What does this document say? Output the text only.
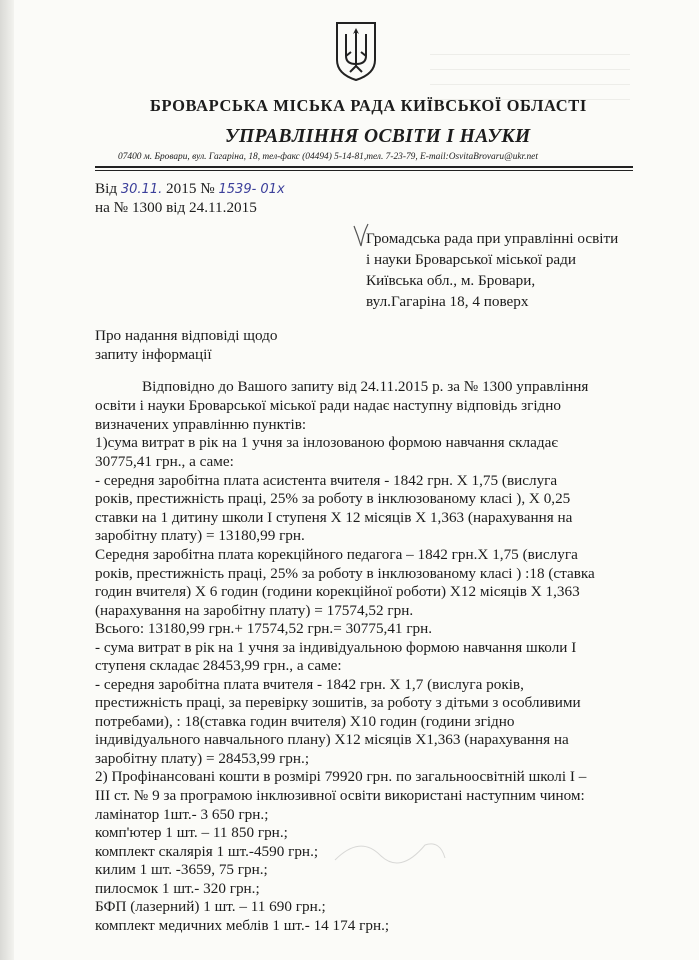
БРОВАРСЬКА МІСЬКА РАДА КИЇВСЬКОЇ ОБЛАСТІ
УПРАВЛІННЯ ОСВІТИ І НАУКИ
07400 м. Бровари, вул. Гагаріна, 18, тел-факс (04494) 5-14-81,тел. 7-23-79, E-mail:OsvitaBrovaru@ukr.net
Від 30.11. 2015 № 1539- 01х
на № 1300 від 24.11.2015
Громадська рада при управлінні освіти
і науки Броварської міської ради
Київська обл., м. Бровари,
вул.Гагаріна 18, 4 поверх
Про надання відповіді щодо
запиту інформації
Відповідно до Вашого запиту від 24.11.2015 р. за № 1300 управління
освіти і науки Броварської міської ради надає наступну відповідь згідно
визначених управлінню пунктів:
1)сума витрат в рік на 1 учня за інлозованою формою навчання складає
30775,41 грн., а саме:
- середня заробітна плата асистента вчителя - 1842 грн. Х 1,75 (вислуга
років, престижність праці, 25% за роботу в інклюзованому класі ), Х 0,25
ставки на 1 дитину школи І ступеня Х 12 місяців Х 1,363 (нарахування на
заробітну плату) = 13180,99 грн.
Середня заробітна плата корекційного педагога – 1842 грн.Х 1,75 (вислуга
років, престижність праці, 25% за роботу в інклюзованому класі ) :18 (ставка
годин вчителя) Х 6 годин (години корекційної роботи) Х12 місяців Х 1,363
(нарахування на заробітну плату) = 17574,52 грн.
Всього: 13180,99 грн.+ 17574,52 грн.= 30775,41 грн.
- сума витрат в рік на 1 учня за індивідуальною формою навчання школи І
ступеня складає 28453,99 грн., а саме:
- середня заробітна плата вчителя - 1842 грн. Х 1,7 (вислуга років,
престижність праці, за перевірку зошитів, за роботу з дітьми з особливими
потребами), : 18(ставка годин вчителя) Х10 годин (години згідно
індивідуального навчального плану) Х12 місяців Х1,363 (нарахування на
заробітну плату) = 28453,99 грн.;
2) Профінансовані кошти в розмірі 79920 грн. по загальноосвітній школі І –
ІІІ ст. № 9 за програмою інклюзивної освіти використані наступним чином:
ламінатор 1шт.- 3 650 грн.;
комп'ютер 1 шт. – 11 850 грн.;
комплект скалярія 1 шт.-4590 грн.;
килим 1 шт. -3659, 75 грн.;
пилосмок 1 шт.- 320 грн.;
БФП (лазерний) 1 шт. – 11 690 грн.;
комплект медичних меблів 1 шт.- 14 174 грн.;
